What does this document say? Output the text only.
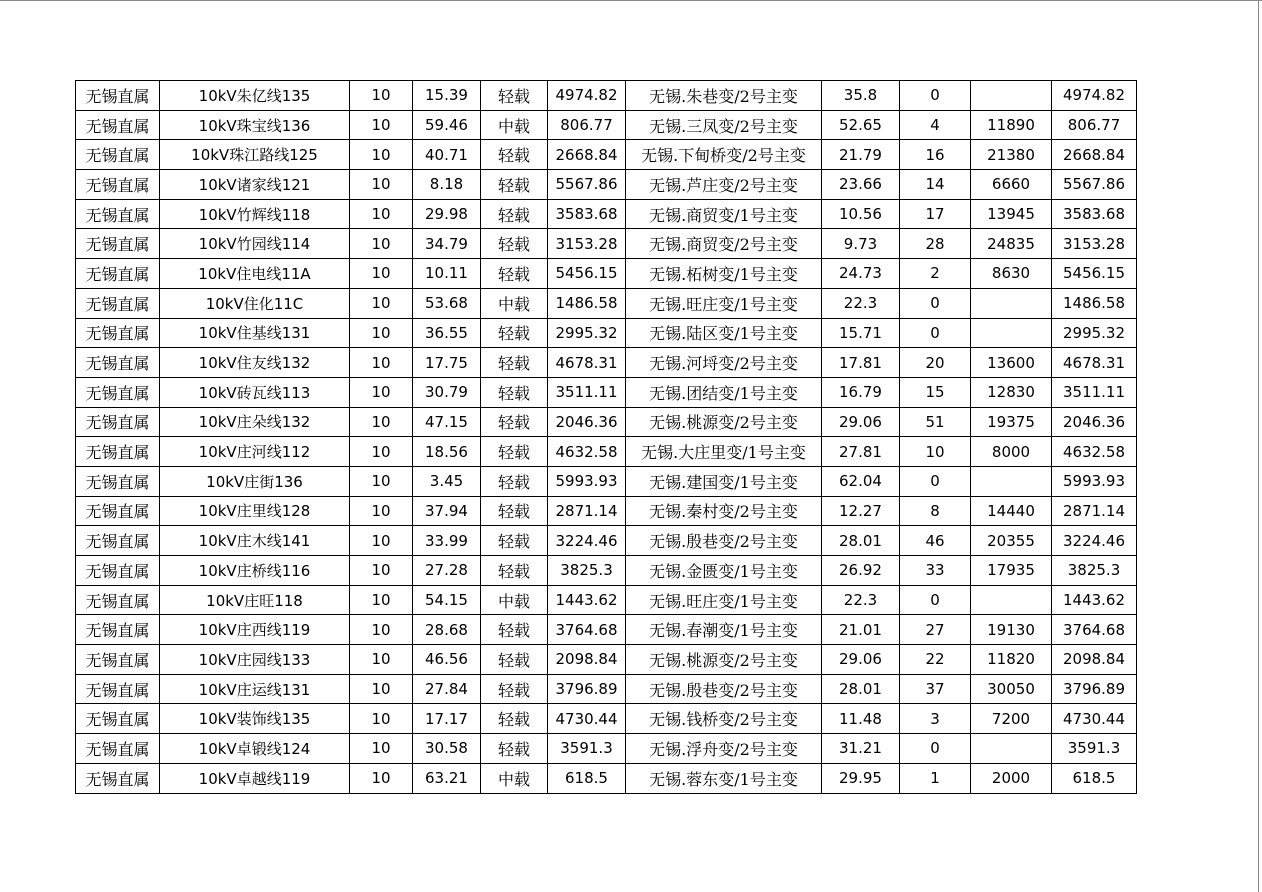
无锡直属	10kV朱亿线135	10	15.39	轻载	4974.82	无锡.朱巷变/2号主变	35.8	0		4974.82
无锡直属	10kV珠宝线136	10	59.46	中载	806.77	无锡.三凤变/2号主变	52.65	4	11890	806.77
无锡直属	10kV珠江路线125	10	40.71	轻载	2668.84	无锡.下甸桥变/2号主变	21.79	16	21380	2668.84
无锡直属	10kV诸家线121	10	8.18	轻载	5567.86	无锡.芦庄变/2号主变	23.66	14	6660	5567.86
无锡直属	10kV竹辉线118	10	29.98	轻载	3583.68	无锡.商贸变/1号主变	10.56	17	13945	3583.68
无锡直属	10kV竹园线114	10	34.79	轻载	3153.28	无锡.商贸变/2号主变	9.73	28	24835	3153.28
无锡直属	10kV住电线11A	10	10.11	轻载	5456.15	无锡.柘树变/1号主变	24.73	2	8630	5456.15
无锡直属	10kV住化11C	10	53.68	中载	1486.58	无锡.旺庄变/1号主变	22.3	0		1486.58
无锡直属	10kV住基线131	10	36.55	轻载	2995.32	无锡.陆区变/1号主变	15.71	0		2995.32
无锡直属	10kV住友线132	10	17.75	轻载	4678.31	无锡.河埒变/2号主变	17.81	20	13600	4678.31
无锡直属	10kV砖瓦线113	10	30.79	轻载	3511.11	无锡.团结变/1号主变	16.79	15	12830	3511.11
无锡直属	10kV庄朵线132	10	47.15	轻载	2046.36	无锡.桃源变/2号主变	29.06	51	19375	2046.36
无锡直属	10kV庄河线112	10	18.56	轻载	4632.58	无锡.大庄里变/1号主变	27.81	10	8000	4632.58
无锡直属	10kV庄街136	10	3.45	轻载	5993.93	无锡.建国变/1号主变	62.04	0		5993.93
无锡直属	10kV庄里线128	10	37.94	轻载	2871.14	无锡.秦村变/2号主变	12.27	8	14440	2871.14
无锡直属	10kV庄木线141	10	33.99	轻载	3224.46	无锡.殷巷变/2号主变	28.01	46	20355	3224.46
无锡直属	10kV庄桥线116	10	27.28	轻载	3825.3	无锡.金匮变/1号主变	26.92	33	17935	3825.3
无锡直属	10kV庄旺118	10	54.15	中载	1443.62	无锡.旺庄变/1号主变	22.3	0		1443.62
无锡直属	10kV庄西线119	10	28.68	轻载	3764.68	无锡.春潮变/1号主变	21.01	27	19130	3764.68
无锡直属	10kV庄园线133	10	46.56	轻载	2098.84	无锡.桃源变/2号主变	29.06	22	11820	2098.84
无锡直属	10kV庄运线131	10	27.84	轻载	3796.89	无锡.殷巷变/2号主变	28.01	37	30050	3796.89
无锡直属	10kV装饰线135	10	17.17	轻载	4730.44	无锡.钱桥变/2号主变	11.48	3	7200	4730.44
无锡直属	10kV卓锻线124	10	30.58	轻载	3591.3	无锡.浮舟变/2号主变	31.21	0		3591.3
无锡直属	10kV卓越线119	10	63.21	中载	618.5	无锡.蓉东变/1号主变	29.95	1	2000	618.5
